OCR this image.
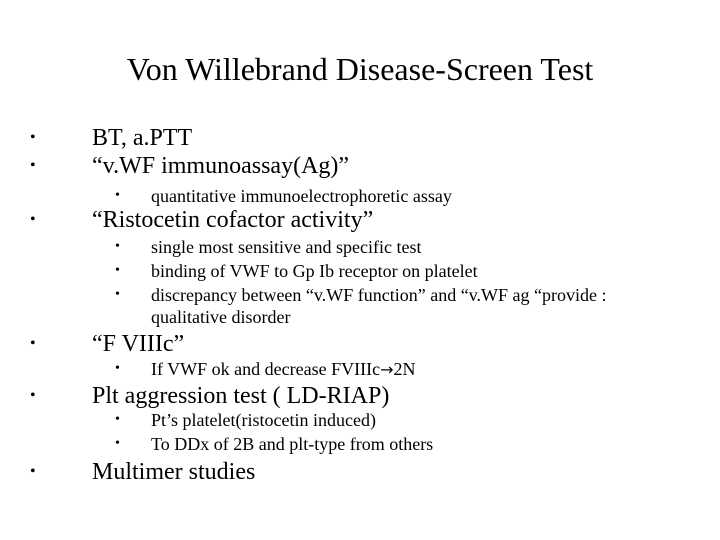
Von Willebrand Disease-Screen Test
• BT, a.PTT
• “v.WF immunoassay(Ag)”
• quantitative immunoelectrophoretic assay
• “Ristocetin cofactor activity”
• single most sensitive and specific test
• binding of VWF to Gp Ib receptor on platelet
• discrepancy between “v.WF function” and “v.WF ag “provide :
qualitative disorder
• “F VIIIc”
• If VWF ok and decrease FVIIIc→2N
• Plt aggression test ( LD-RIAP)
• Pt’s platelet(ristocetin induced)
• To DDx of 2B and plt-type from others
• Multimer studies
